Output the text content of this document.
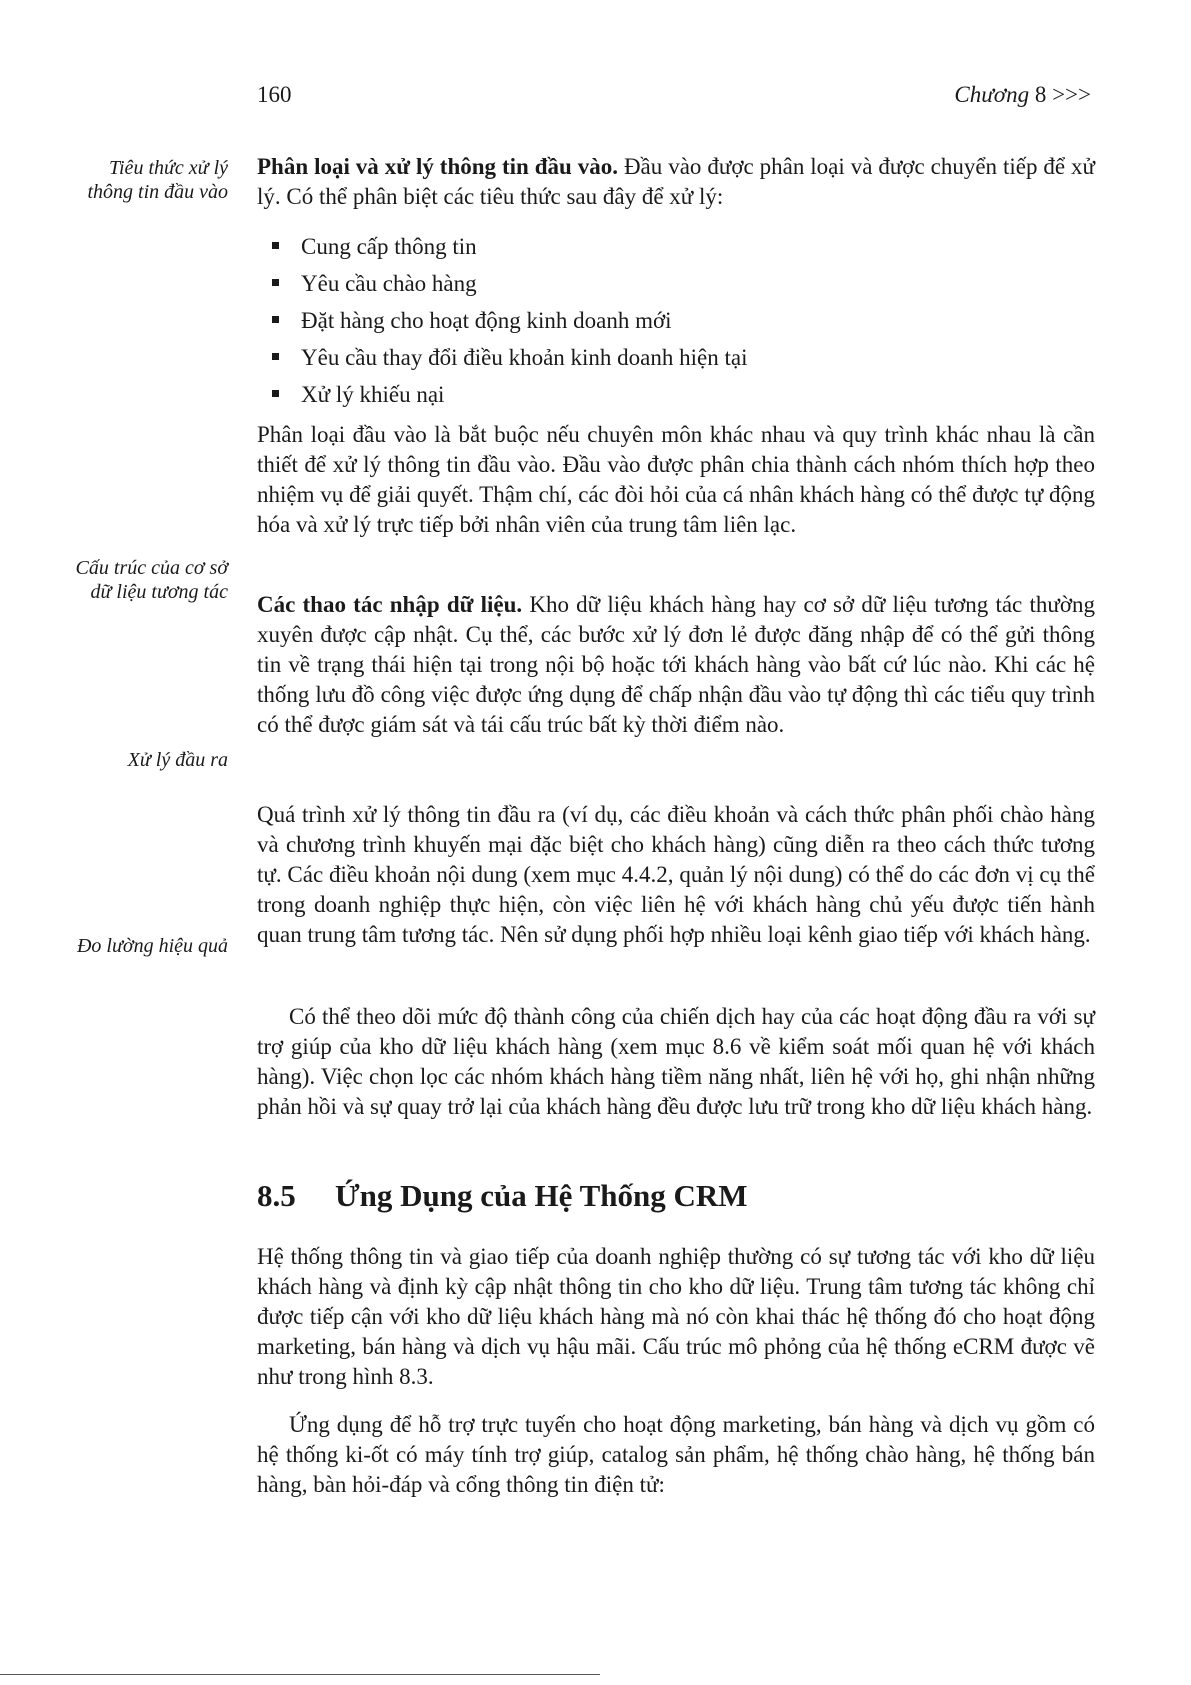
160	Chương 8 >>>
Tiêu thức xử lý thông tin đầu vào
Cấu trúc của cơ sở dữ liệu tương tác
Xử lý đầu ra
Đo lường hiệu quả

Phân loại và xử lý thông tin đầu vào. Đầu vào được phân loại và được chuyển tiếp để xử lý. Có thể phân biệt các tiêu thức sau đây để xử lý:

Cung cấp thông tin
Yêu cầu chào hàng
Đặt hàng cho hoạt động kinh doanh mới
Yêu cầu thay đổi điều khoản kinh doanh hiện tại
Xử lý khiếu nại

Phân loại đầu vào là bắt buộc nếu chuyên môn khác nhau và quy trình khác nhau là cần thiết để xử lý thông tin đầu vào. Đầu vào được phân chia thành cách nhóm thích hợp theo nhiệm vụ để giải quyết. Thậm chí, các đòi hỏi của cá nhân khách hàng có thể được tự động hóa và xử lý trực tiếp bởi nhân viên của trung tâm liên lạc.

Các thao tác nhập dữ liệu. Kho dữ liệu khách hàng hay cơ sở dữ liệu tương tác thường xuyên được cập nhật. Cụ thể, các bước xử lý đơn lẻ được đăng nhập để có thể gửi thông tin về trạng thái hiện tại trong nội bộ hoặc tới khách hàng vào bất cứ lúc nào. Khi các hệ thống lưu đồ công việc được ứng dụng để chấp nhận đầu vào tự động thì các tiểu quy trình có thể được giám sát và tái cấu trúc bất kỳ thời điểm nào.

Quá trình xử lý thông tin đầu ra (ví dụ, các điều khoản và cách thức phân phối chào hàng và chương trình khuyến mại đặc biệt cho khách hàng) cũng diễn ra theo cách thức tương tự. Các điều khoản nội dung (xem mục 4.4.2, quản lý nội dung) có thể do các đơn vị cụ thể trong doanh nghiệp thực hiện, còn việc liên hệ với khách hàng chủ yếu được tiến hành quan trung tâm tương tác. Nên sử dụng phối hợp nhiều loại kênh giao tiếp với khách hàng.

Có thể theo dõi mức độ thành công của chiến dịch hay của các hoạt động đầu ra với sự trợ giúp của kho dữ liệu khách hàng (xem mục 8.6 về kiểm soát mối quan hệ với khách hàng). Việc chọn lọc các nhóm khách hàng tiềm năng nhất, liên hệ với họ, ghi nhận những phản hồi và sự quay trở lại của khách hàng đều được lưu trữ trong kho dữ liệu khách hàng.

8.5 Ứng Dụng của Hệ Thống CRM

Hệ thống thông tin và giao tiếp của doanh nghiệp thường có sự tương tác với kho dữ liệu khách hàng và định kỳ cập nhật thông tin cho kho dữ liệu. Trung tâm tương tác không chỉ được tiếp cận với kho dữ liệu khách hàng mà nó còn khai thác hệ thống đó cho hoạt động marketing, bán hàng và dịch vụ hậu mãi. Cấu trúc mô phỏng của hệ thống eCRM được vẽ như trong hình 8.3.

Ứng dụng để hỗ trợ trực tuyến cho hoạt động marketing, bán hàng và dịch vụ gồm có hệ thống ki-ốt có máy tính trợ giúp, catalog sản phẩm, hệ thống chào hàng, hệ thống bán hàng, bàn hỏi-đáp và cổng thông tin điện tử:
